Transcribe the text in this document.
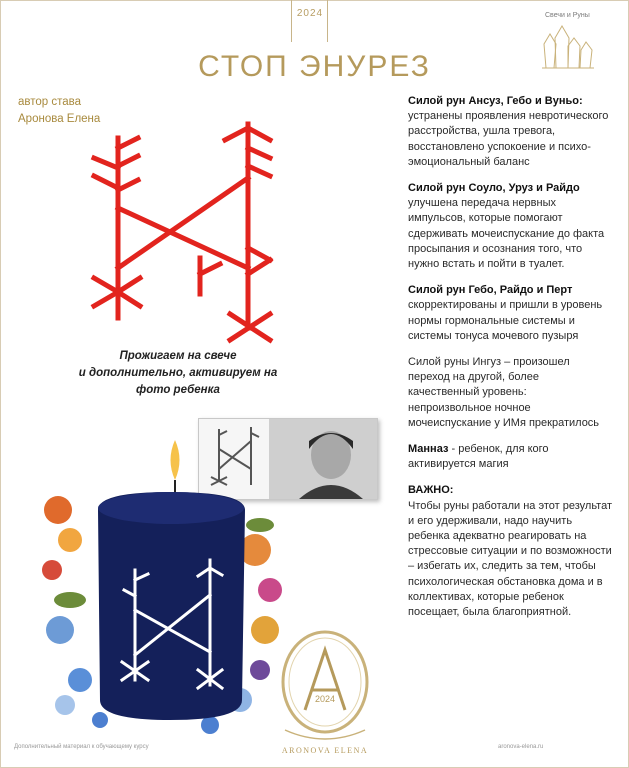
2024	Свечи и Руны
СТОП ЭНУРЕЗ
автор става
Аронова Елена
Прожигаем на свече
и дополнительно, активируем на
фото ребенка
2024
ARONOVA ELENA

Силой рун Ансуз, Гебо и Вуньо:
устранены проявления невротического расстройства, ушла тревога, восстановлено успокоение и психо-эмоциональный баланс

Силой рун Соуло, Уруз и Райдо
улучшена передача нервных импульсов, которые помогают сдерживать мочеиспускание до факта просыпания и осознания того, что нужно встать и пойти в туалет.

Силой рун Гебо, Райдо и Перт
скорректированы и пришли в уровень нормы гормональные системы и системы тонуса мочевого пузыря

Силой руны Ингуз – произошел переход на другой, более качественный уровень: непроизвольное ночное мочеиспускание у ИМя прекратилось

Манназ - ребенок, для кого активируется магия

ВАЖНО:
Чтобы руны работали на этот результат и его удерживали, надо научить ребенка адекватно реагировать на стрессовые ситуации и по возможности – избегать их, следить за тем, чтобы психологическая обстановка дома и в коллективах, которые ребенок посещает, была благоприятной.

Дополнительный материал к обучающему курсу	aronova-elena.ru
